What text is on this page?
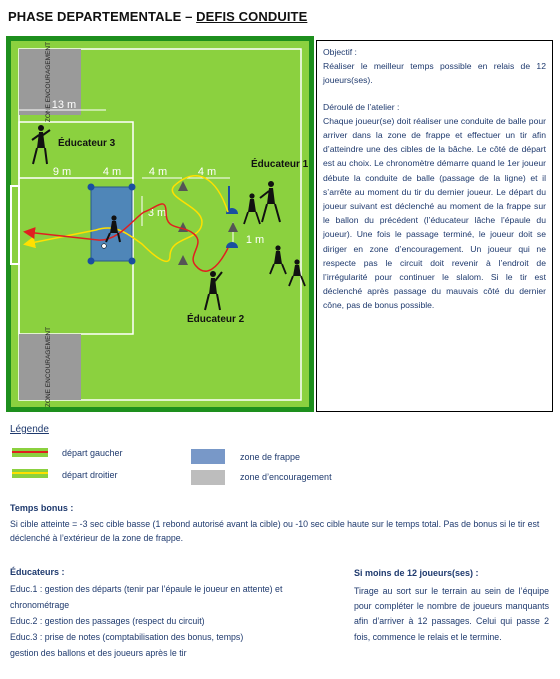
PHASE DEPARTEMENTALE – DEFIS CONDUITE
ZONE ENCOURAGEMENT
ZONE ENCOURAGEMENT
13 m
9 m	4 m	4 m	4 m
3 m
1 m
Éducateur 3
Éducateur 1
Éducateur 2

Objectif :

Réaliser le meilleur temps possible en relais de 12 joueurs(ses).

Déroulé de l’atelier :

Chaque joueur(se) doit réaliser une conduite de balle pour arriver dans la zone de frappe et effectuer un tir afin d’atteindre une des cibles de la bâche. Le côté de départ est au choix. Le chronomètre démarre quand le 1er joueur débute la conduite de balle (passage de la ligne) et il s’arrête au moment du tir du dernier joueur. Le départ du joueur suivant est déclenché au moment de la frappe sur le ballon du précédent (l’éducateur lâche l’épaule du joueur). Une fois le passage terminé, le joueur doit se diriger en zone d’encouragement. Un joueur qui ne respecte pas le circuit doit revenir à l’endroit de l’irrégularité pour continuer le slalom. Si le tir est déclenché après passage du mauvais côté du dernier cône, pas de bonus possible.

Légende
départ gaucher
départ droitier
zone de frappe
zone d’encouragement
Temps bonus :
Si cible atteinte = -3 sec cible basse (1 rebond autorisé avant la cible) ou -10 sec cible haute sur le temps total. Pas de bonus si le tir est déclenché à l’extérieur de la zone de frappe.
Éducateurs :
Educ.1 : gestion des départs (tenir par l’épaule le joueur en attente) et chronométrage
Educ.2 : gestion des passages (respect du circuit)
Educ.3 : prise de notes (comptabilisation des bonus, temps)
gestion des ballons et des joueurs après le tir
Si moins de 12 joueurs(ses) :
Tirage au sort sur le terrain au sein de l’équipe pour compléter le nombre de joueurs manquants afin d’arriver à 12 passages. Celui qui passe 2 fois, commence le relais et le termine.
